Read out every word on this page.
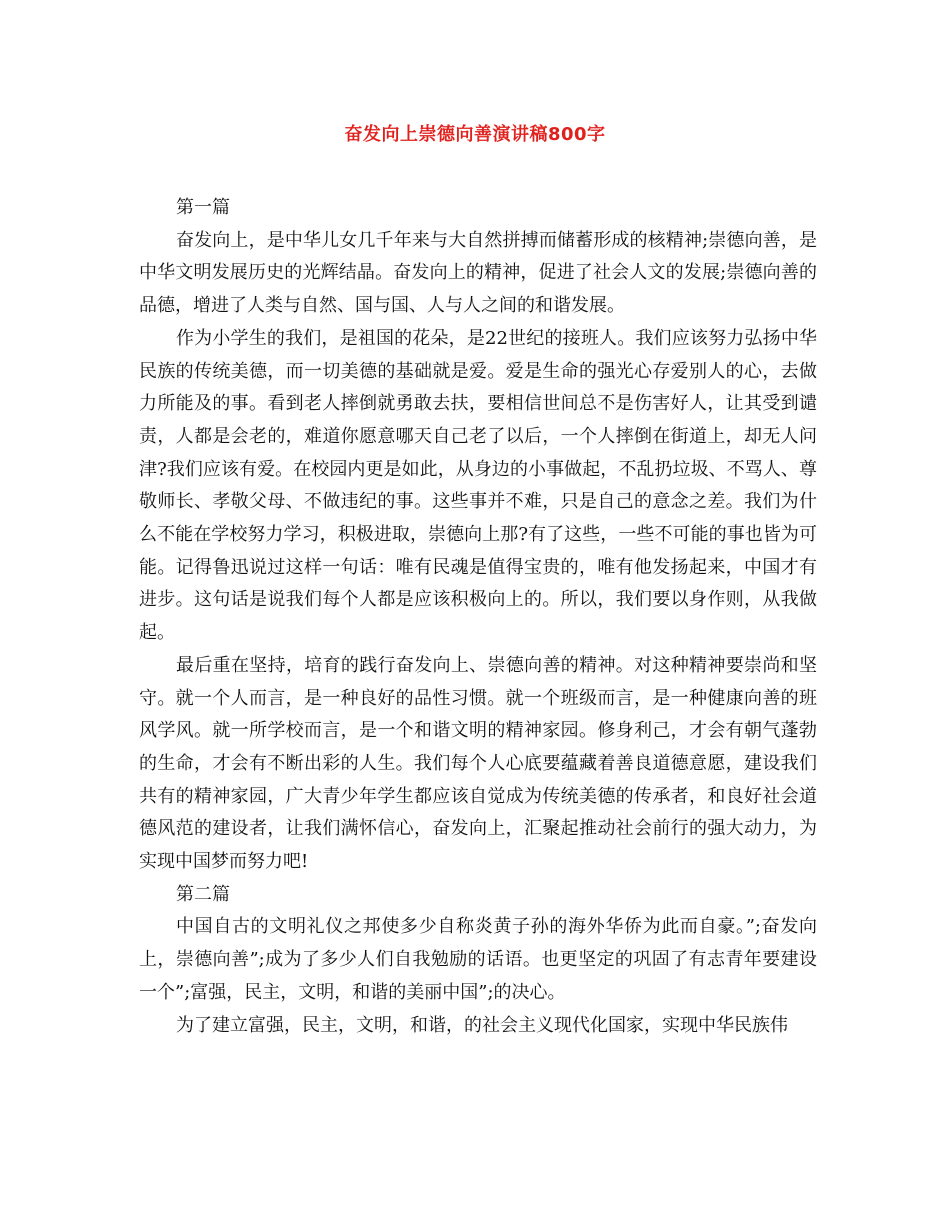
奋发向上崇德向善演讲稿800字

第一篇

奋发向上，是中华儿女几千年来与大自然拼搏而储蓄形成的核精神;崇德向善，是中华文明发展历史的光辉结晶。奋发向上的精神，促进了社会人文的发展;崇德向善的品德，增进了人类与自然、国与国、人与人之间的和谐发展。

作为小学生的我们，是祖国的花朵，是22世纪的接班人。我们应该努力弘扬中华民族的传统美德，而一切美德的基础就是爱。爱是生命的强光心存爱别人的心，去做力所能及的事。看到老人摔倒就勇敢去扶，要相信世间总不是伤害好人，让其受到谴责，人都是会老的，难道你愿意哪天自己老了以后，一个人摔倒在街道上，却无人问津?我们应该有爱。在校园内更是如此，从身边的小事做起，不乱扔垃圾、不骂人、尊敬师长、孝敬父母、不做违纪的事。这些事并不难，只是自己的意念之差。我们为什么不能在学校努力学习，积极进取，崇德向上那?有了这些，一些不可能的事也皆为可能。记得鲁迅说过这样一句话：唯有民魂是值得宝贵的，唯有他发扬起来，中国才有进步。这句话是说我们每个人都是应该积极向上的。所以，我们要以身作则，从我做起。

最后重在坚持，培育的践行奋发向上、崇德向善的精神。对这种精神要崇尚和坚守。就一个人而言，是一种良好的品性习惯。就一个班级而言，是一种健康向善的班风学风。就一所学校而言，是一个和谐文明的精神家园。修身利己，才会有朝气蓬勃的生命，才会有不断出彩的人生。我们每个人心底要蕴藏着善良道德意愿，建设我们共有的精神家园，广大青少年学生都应该自觉成为传统美德的传承者，和良好社会道德风范的建设者，让我们满怀信心，奋发向上，汇聚起推动社会前行的强大动力，为实现中国梦而努力吧!

第二篇

中国自古的文明礼仪之邦使多少自称炎黄子孙的海外华侨为此而自豪。”;奋发向上，崇德向善”;成为了多少人们自我勉励的话语。也更坚定的巩固了有志青年要建设一个”;富强，民主，文明，和谐的美丽中国”;的决心。

为了建立富强，民主，文明，和谐，的社会主义现代化国家，实现中华民族伟
